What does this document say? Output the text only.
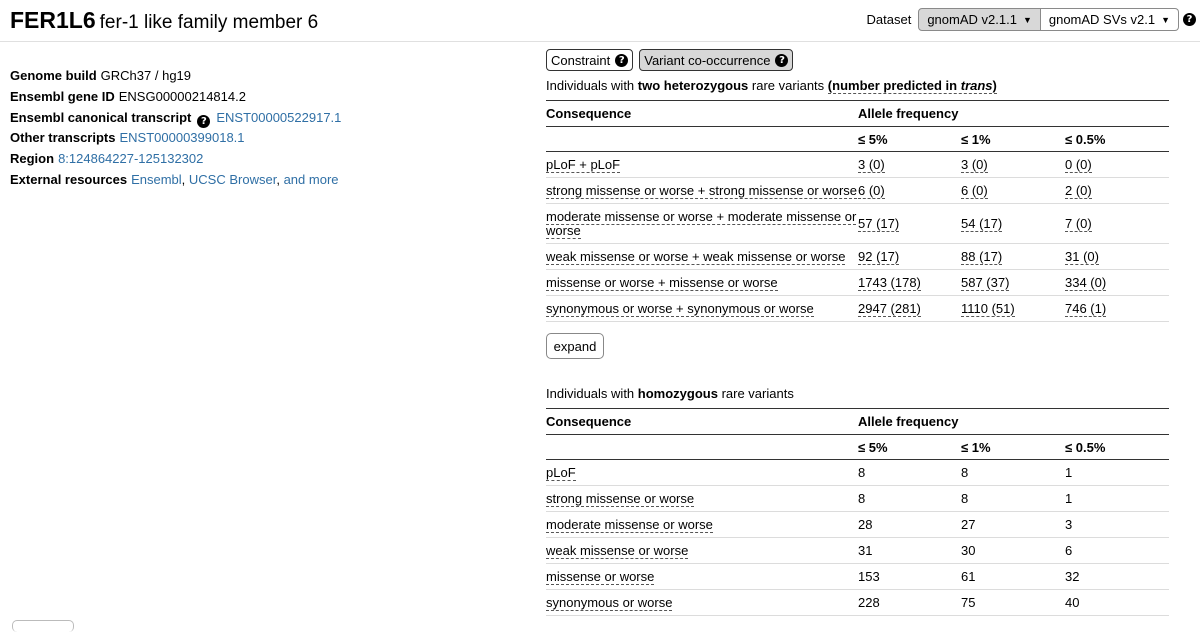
FER1L6 fer-1 like family member 6	Dataset gnomAD v2.1.1 ▼ gnomAD SVs v2.1 ▼	?
Genome build GRCh37 / hg19
Ensembl gene ID ENSG00000214814.2
Ensembl canonical transcript ? ENST00000522917.1
Other transcripts ENST00000399018.1
Region 8:124864227-125132302
External resources Ensembl, UCSC Browser, and more
Constraint ? Variant co-occurrence ?
Individuals with two heterozygous rare variants (number predicted in trans)
Consequence	Allele frequency		
	≤ 5%	≤ 1%	≤ 0.5%
pLoF + pLoF	3 (0)	3 (0)	0 (0)
strong missense or worse + strong missense or worse	6 (0)	6 (0)	2 (0)
moderate missense or worse + moderate missense or worse	57 (17)	54 (17)	7 (0)
weak missense or worse + weak missense or worse	92 (17)	88 (17)	31 (0)
missense or worse + missense or worse	1743 (178)	587 (37)	334 (0)
synonymous or worse + synonymous or worse	2947 (281)	1110 (51)	746 (1)
expand
Individuals with homozygous rare variants
Consequence	Allele frequency		
	≤ 5%	≤ 1%	≤ 0.5%
pLoF	8	8	1
strong missense or worse	8	8	1
moderate missense or worse	28	27	3
weak missense or worse	31	30	6
missense or worse	153	61	32
synonymous or worse	228	75	40
